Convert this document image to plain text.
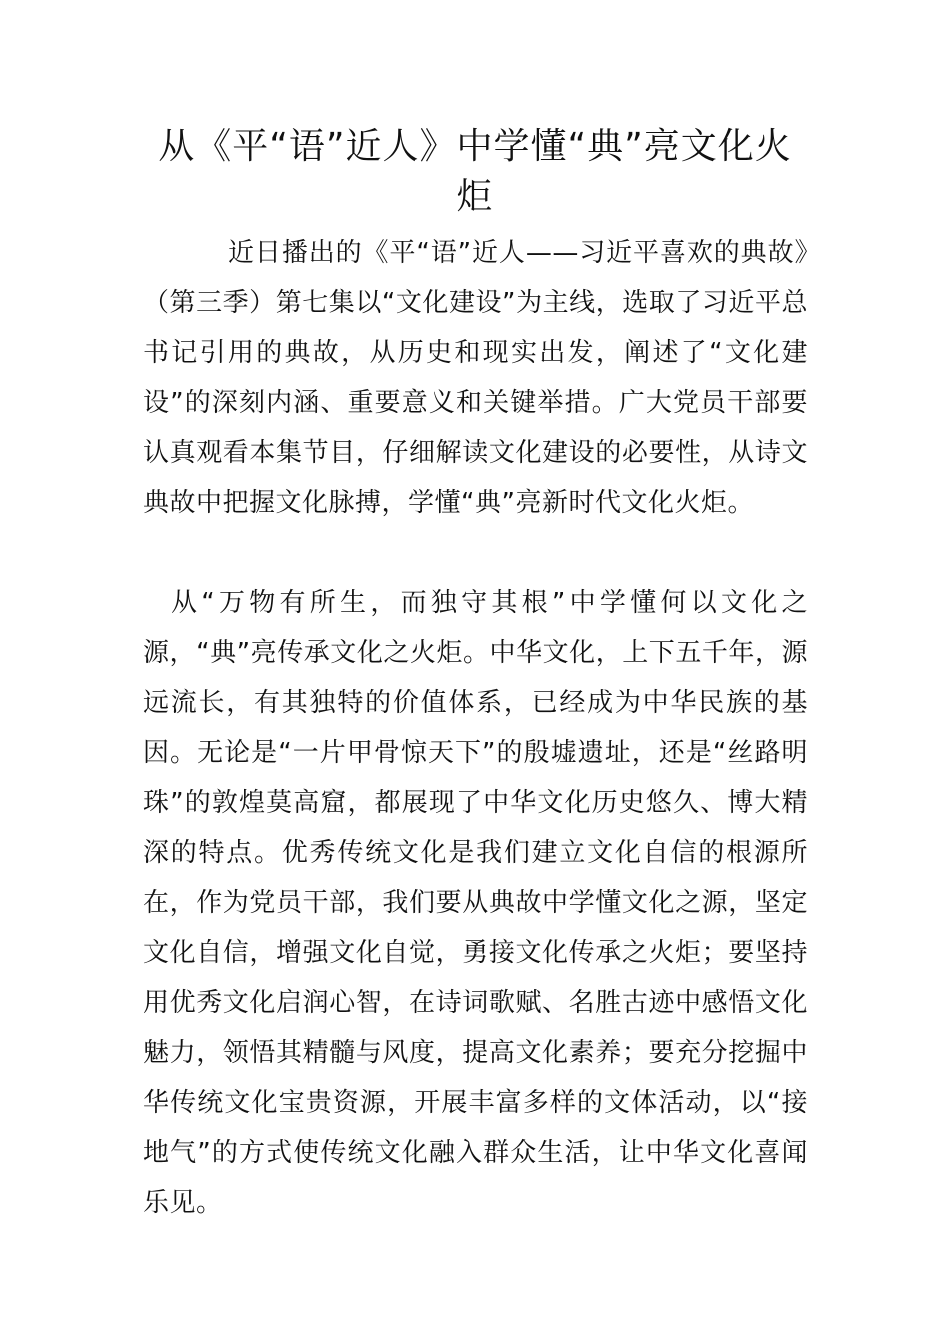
从《平“语”近人》中学懂“典”亮文化火炬

近日播出的《平“语”近人——习近平喜欢的典故》（第三季）第七集以“文化建设”为主线，选取了习近平总书记引用的典故，从历史和现实出发，阐述了“文化建设”的深刻内涵、重要意义和关键举措。广大党员干部要认真观看本集节目，仔细解读文化建设的必要性，从诗文典故中把握文化脉搏，学懂“典”亮新时代文化火炬。

从“万物有所生，而独守其根”中学懂何以文化之源，“典”亮传承文化之火炬。中华文化，上下五千年，源远流长，有其独特的价值体系，已经成为中华民族的基因。无论是“一片甲骨惊天下”的殷墟遗址，还是“丝路明珠”的敦煌莫高窟，都展现了中华文化历史悠久、博大精深的特点。优秀传统文化是我们建立文化自信的根源所在，作为党员干部，我们要从典故中学懂文化之源，坚定文化自信，增强文化自觉，勇接文化传承之火炬；要坚持用优秀文化启润心智，在诗词歌赋、名胜古迹中感悟文化魅力，领悟其精髓与风度，提高文化素养；要充分挖掘中华传统文化宝贵资源，开展丰富多样的文体活动，以“接地气”的方式使传统文化融入群众生活，让中华文化喜闻乐见。
